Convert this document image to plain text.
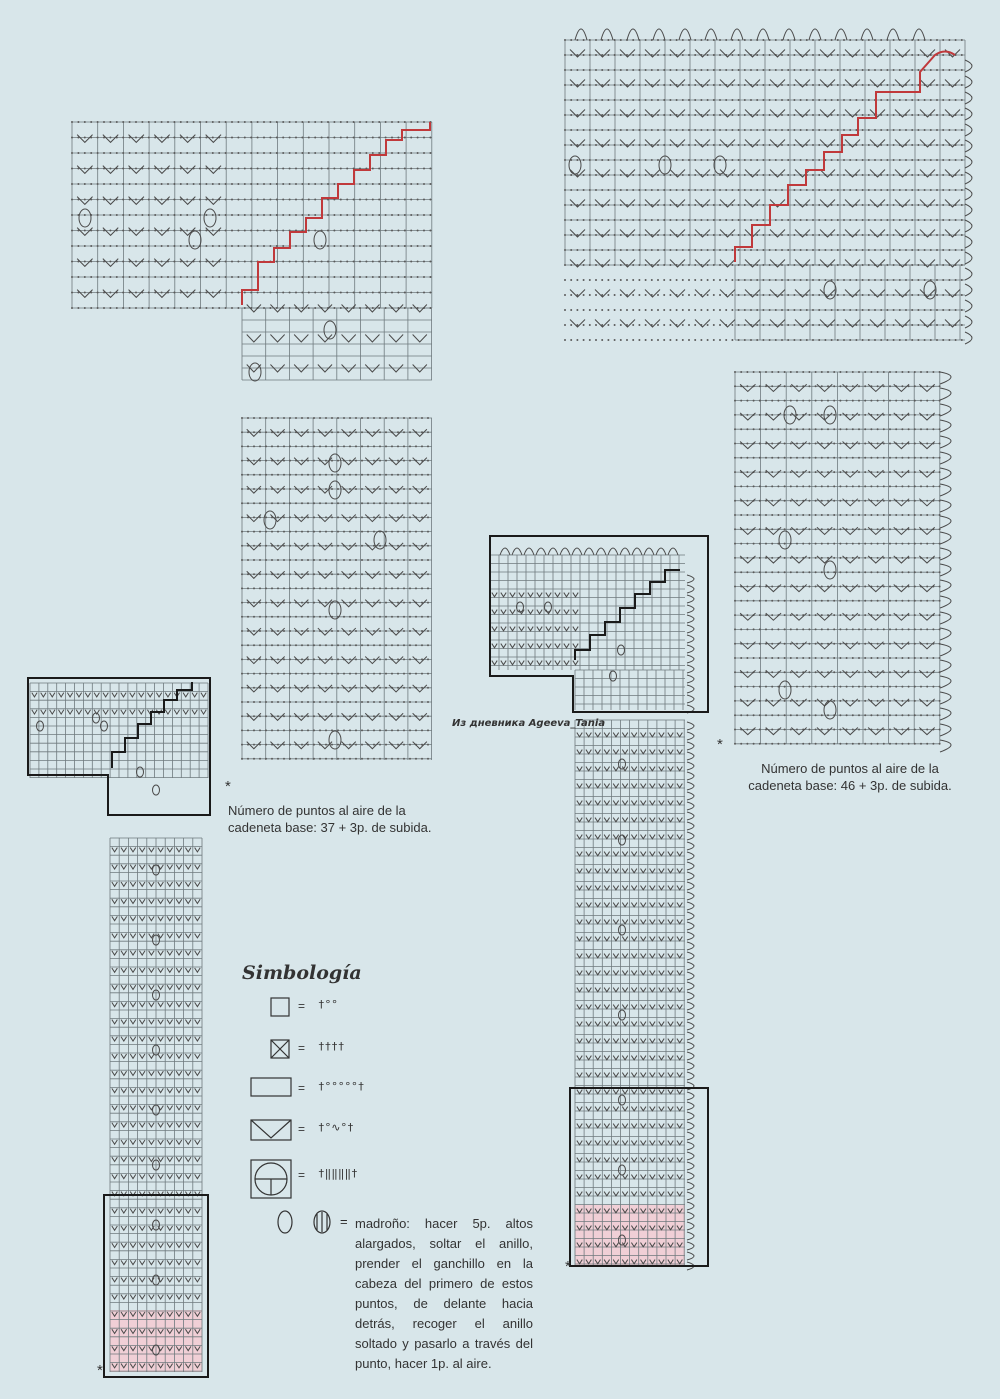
Из дневника Ageeva_Tania
Número de puntos al aire de la
cadeneta base: 37 + 3p. de subida.
Número de puntos al aire de la
cadeneta base: 46 + 3p. de subida.
*
*
*
*
Simbología
= †°°
= ††††
= †°°°°°†
= †°∿°†
= †‖‖‖‖†
= madroño: hacer 5p. altos alargados, soltar el anillo, prender el ganchillo en la cabeza del primero de estos puntos, de delante hacia detrás, recoger el anillo soltado y pasarlo a través del punto, hacer 1p. al aire.
